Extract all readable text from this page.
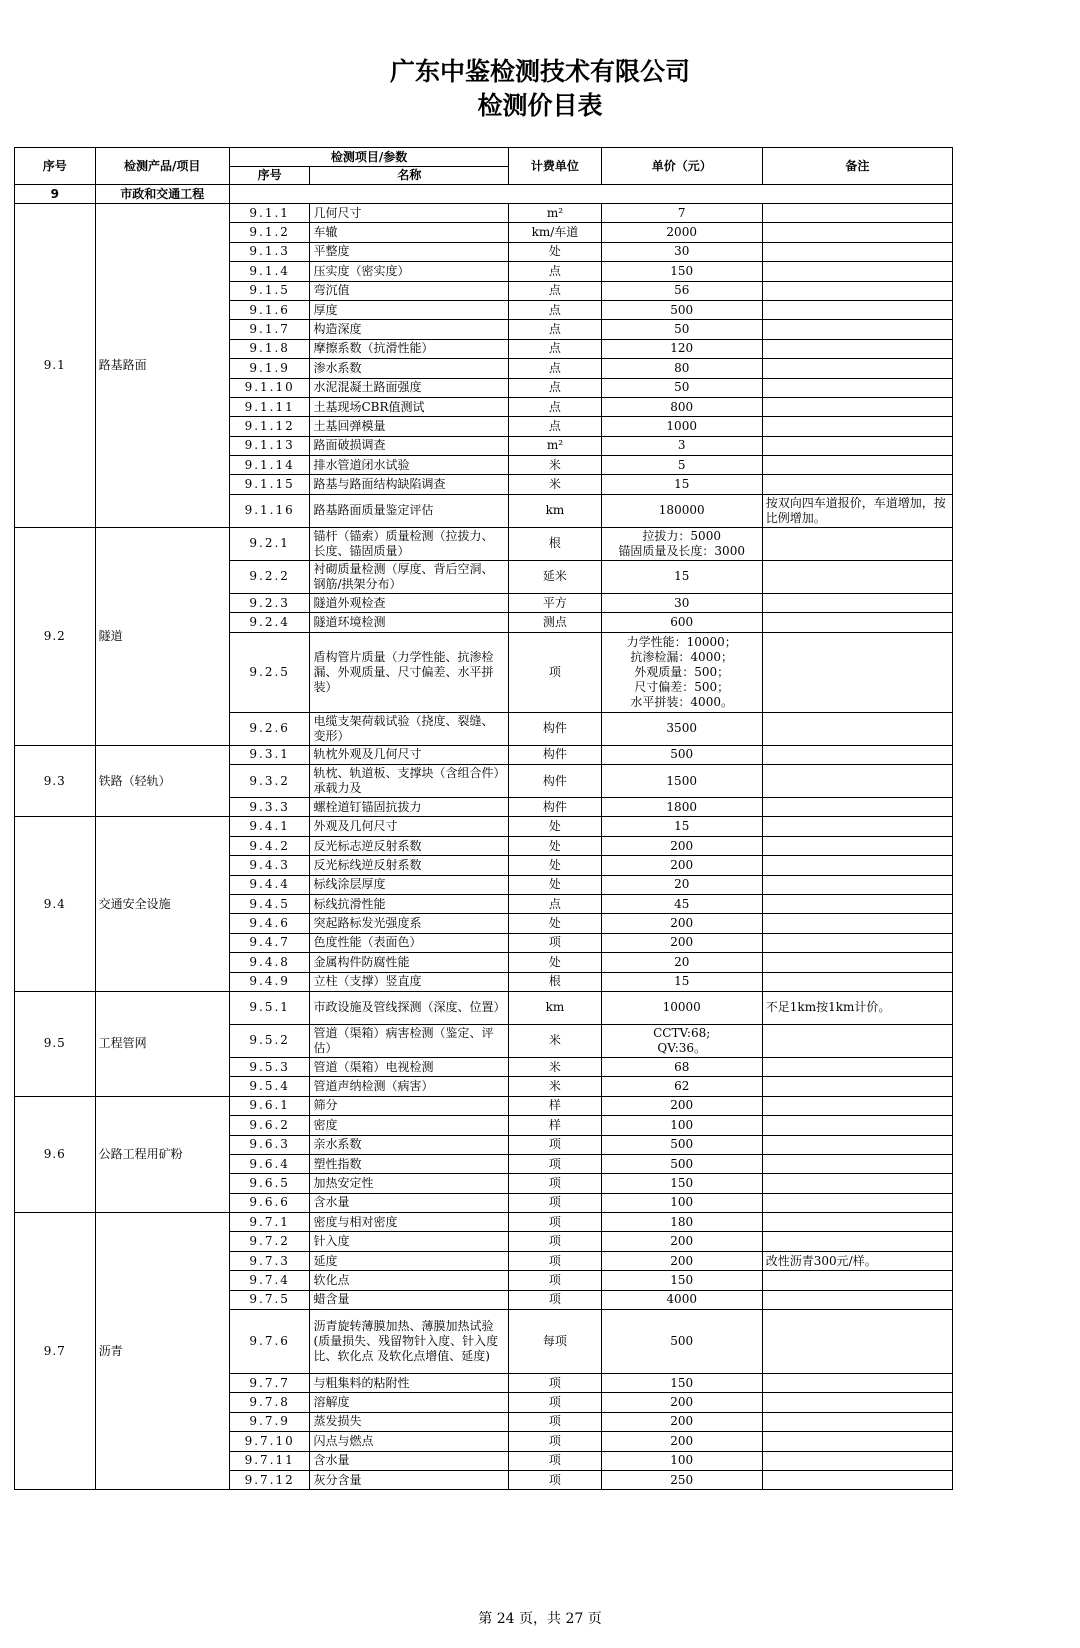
广东中鉴检测技术有限公司
检测价目表
序号	检测产品/项目	检测项目/参数		计费单位	单价（元）	备注
		序号	名称			
9	市政和交通工程					
9.1	路基路面	9.1.1	几何尺寸	m²	7	
		9.1.2	车辙	km/车道	2000	
		9.1.3	平整度	处	30	
		9.1.4	压实度（密实度）	点	150	
		9.1.5	弯沉值	点	56	
		9.1.6	厚度	点	500	
		9.1.7	构造深度	点	50	
		9.1.8	摩擦系数（抗滑性能）	点	120	
		9.1.9	渗水系数	点	80	
		9.1.10	水泥混凝土路面强度	点	50	
		9.1.11	土基现场CBR值测试	点	800	
		9.1.12	土基回弹模量	点	1000	
		9.1.13	路面破损调查	m²	3	
		9.1.14	排水管道闭水试验	米	5	
		9.1.15	路基与路面结构缺陷调查	米	15	
		9.1.16	路基路面质量鉴定评估	km	180000	按双向四车道报价，车道增加，按比例增加。
9.2	隧道	9.2.1	锚杆（锚索）质量检测（拉拔力、长度、锚固质量）	根	拉拔力：5000
锚固质量及长度：3000	
		9.2.2	衬砌质量检测（厚度、背后空洞、钢筋/拱架分布）	延米	15	
		9.2.3	隧道外观检查	平方	30	
		9.2.4	隧道环境检测	测点	600	
		9.2.5	盾构管片质量（力学性能、抗渗检漏、外观质量、尺寸偏差、水平拼装）	项	力学性能：10000；
抗渗检漏：4000；
外观质量：500；
尺寸偏差：500；
水平拼装：4000。	
		9.2.6	电缆支架荷载试验（挠度、裂缝、变形）	构件	3500	
9.3	铁路（轻轨）	9.3.1	轨枕外观及几何尺寸	构件	500	
		9.3.2	轨枕、轨道板、支撑块（含组合件）承载力及	构件	1500	
		9.3.3	螺栓道钉锚固抗拔力	构件	1800	
9.4	交通安全设施	9.4.1	外观及几何尺寸	处	15	
		9.4.2	反光标志逆反射系数	处	200	
		9.4.3	反光标线逆反射系数	处	200	
		9.4.4	标线涂层厚度	处	20	
		9.4.5	标线抗滑性能	点	45	
		9.4.6	突起路标发光强度系	处	200	
		9.4.7	色度性能（表面色）	项	200	
		9.4.8	金属构件防腐性能	处	20	
		9.4.9	立柱（支撑）竖直度	根	15	
9.5	工程管网	9.5.1	市政设施及管线探测（深度、位置）	km	10000	不足1km按1km计价。
		9.5.2	管道（渠箱）病害检测（鉴定、评估）	米	CCTV:68;
QV:36。	
		9.5.3	管道（渠箱）电视检测	米	68	
		9.5.4	管道声纳检测（病害）	米	62	
9.6	公路工程用矿粉	9.6.1	筛分	样	200	
		9.6.2	密度	样	100	
		9.6.3	亲水系数	项	500	
		9.6.4	塑性指数	项	500	
		9.6.5	加热安定性	项	150	
		9.6.6	含水量	项	100	
9.7	沥青	9.7.1	密度与相对密度	项	180	
		9.7.2	针入度	项	200	
		9.7.3	延度	项	200	改性沥青300元/样。
		9.7.4	软化点	项	150	
		9.7.5	蜡含量	项	4000	
		9.7.6	沥青旋转薄膜加热、薄膜加热试验(质量损失、残留物针入度、针入度比、软化点 及软化点增值、延度)	每项	500	
		9.7.7	与粗集料的粘附性	项	150	
		9.7.8	溶解度	项	200	
		9.7.9	蒸发损失	项	200	
		9.7.10	闪点与燃点	项	200	
		9.7.11	含水量	项	100	
		9.7.12	灰分含量	项	250	
第 24 页，共 27 页
